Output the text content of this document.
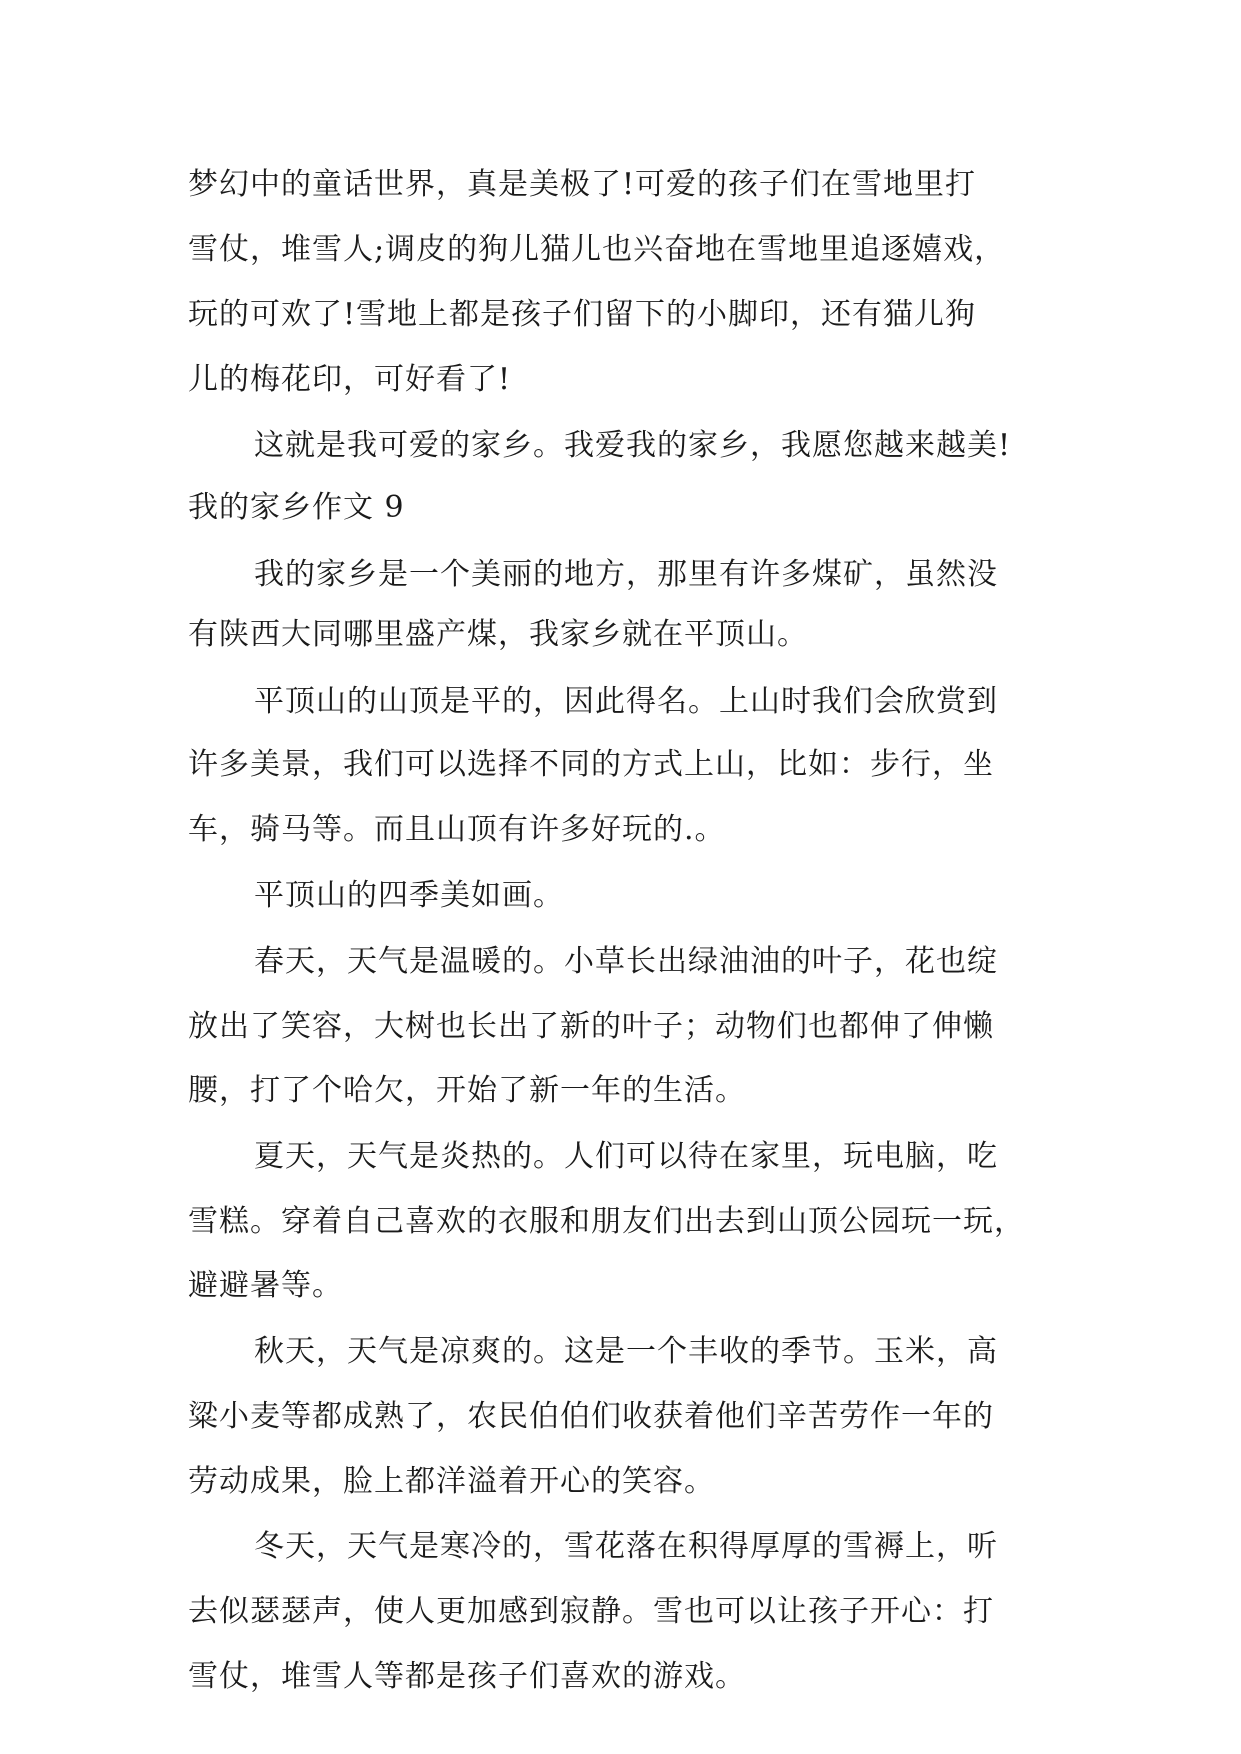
梦幻中的童话世界，真是美极了!可爱的孩子们在雪地里打
雪仗，堆雪人;调皮的狗儿猫儿也兴奋地在雪地里追逐嬉戏，
玩的可欢了!雪地上都是孩子们留下的小脚印，还有猫儿狗
儿的梅花印，可好看了!
这就是我可爱的家乡。我爱我的家乡，我愿您越来越美!
我的家乡作文 9
我的家乡是一个美丽的地方，那里有许多煤矿，虽然没
有陕西大同哪里盛产煤，我家乡就在平顶山。
平顶山的山顶是平的，因此得名。上山时我们会欣赏到
许多美景，我们可以选择不同的方式上山，比如：步行，坐
车，骑马等。而且山顶有许多好玩的.。
平顶山的四季美如画。
春天，天气是温暖的。小草长出绿油油的叶子，花也绽
放出了笑容，大树也长出了新的叶子；动物们也都伸了伸懒
腰，打了个哈欠，开始了新一年的生活。
夏天，天气是炎热的。人们可以待在家里，玩电脑，吃
雪糕。穿着自己喜欢的衣服和朋友们出去到山顶公园玩一玩，
避避暑等。
秋天，天气是凉爽的。这是一个丰收的季节。玉米，高
粱小麦等都成熟了，农民伯伯们收获着他们辛苦劳作一年的
劳动成果，脸上都洋溢着开心的笑容。
冬天，天气是寒冷的，雪花落在积得厚厚的雪褥上，听
去似瑟瑟声，使人更加感到寂静。雪也可以让孩子开心：打
雪仗，堆雪人等都是孩子们喜欢的游戏。
